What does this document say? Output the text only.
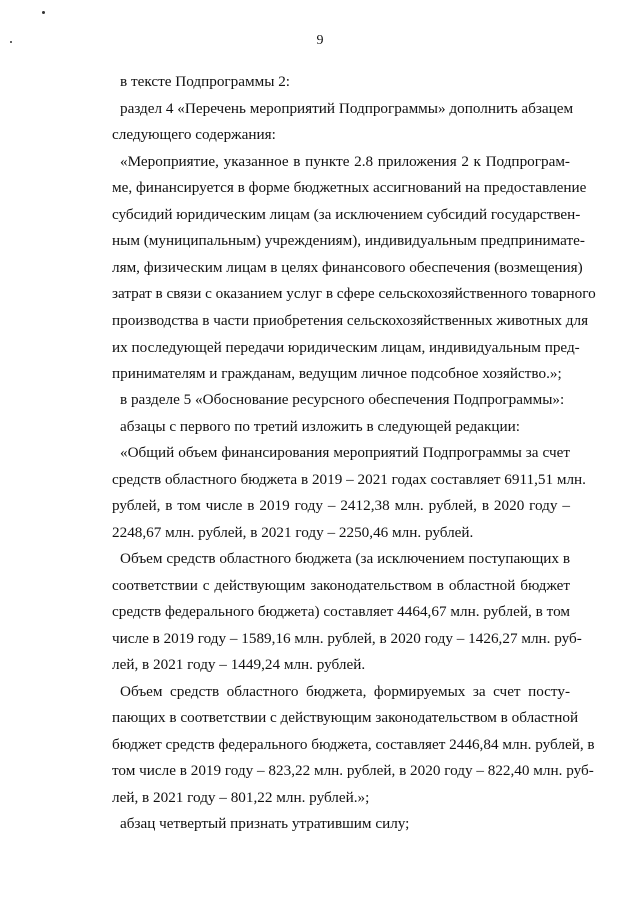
9
в тексте Подпрограммы 2:
раздел 4 «Перечень мероприятий Подпрограммы» дополнить абзацем
следующего содержания:
«Мероприятие, указанное в пункте 2.8 приложения 2 к Подпрограм-
ме, финансируется в форме бюджетных ассигнований на предоставление
субсидий юридическим лицам (за исключением субсидий государствен-
ным (муниципальным) учреждениям), индивидуальным предпринимате-
лям, физическим лицам в целях финансового обеспечения (возмещения)
затрат в связи с оказанием услуг в сфере сельскохозяйственного товарного
производства в части приобретения сельскохозяйственных животных для
их последующей передачи юридическим лицам, индивидуальным пред-
принимателям и гражданам, ведущим личное подсобное хозяйство.»;
в разделе 5 «Обоснование ресурсного обеспечения Подпрограммы»:
абзацы с первого по третий изложить в следующей редакции:
«Общий объем финансирования мероприятий Подпрограммы за счет
средств областного бюджета в 2019 – 2021 годах составляет 6911,51 млн.
рублей, в том числе в 2019 году – 2412,38 млн. рублей, в 2020 году –
2248,67 млн. рублей, в 2021 году – 2250,46 млн. рублей.
Объем средств областного бюджета (за исключением поступающих в
соответствии с действующим законодательством в областной бюджет
средств федерального бюджета) составляет 4464,67 млн. рублей, в том
числе в 2019 году – 1589,16 млн. рублей, в 2020 году – 1426,27 млн. руб-
лей, в 2021 году – 1449,24 млн. рублей.
Объем средств областного бюджета, формируемых за счет посту-
пающих в соответствии с действующим законодательством в областной
бюджет средств федерального бюджета, составляет 2446,84 млн. рублей, в
том числе в 2019 году – 823,22 млн. рублей, в 2020 году – 822,40 млн. руб-
лей, в 2021 году – 801,22 млн. рублей.»;
абзац четвертый признать утратившим силу;
